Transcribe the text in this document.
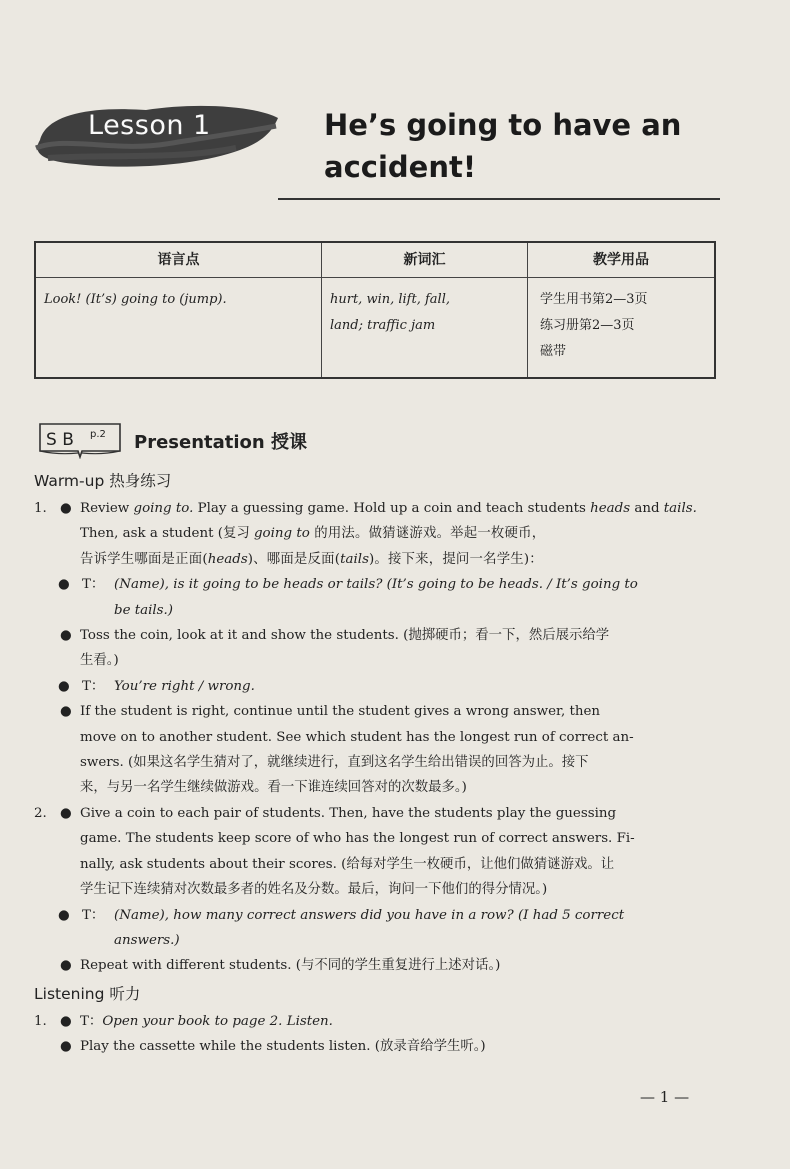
Lesson 1	He’s going to have an
accident!
语言点
Look! (It’s) going to (jump).
新词汇
hurt, win, lift, fall,
land; traffic jam
教学用品
学生用书第2—3页
练习册第2—3页
磁带
S B p.2 Presentation 授课
Warm-up 热身练习
1. ● Review going to. Play a guessing game. Hold up a coin and teach students heads and tails. Then, ask a student (复习 going to 的用法。做猜谜游戏。举起一枚硬币，
告诉学生哪面是正面(heads)、哪面是反面(tails)。接下来，提问一名学生)：
● T： (Name), is it going to be heads or tails? (It’s going to be heads. / It’s going to
be tails.)
● Toss the coin, look at it and show the students. (抛掷硬币；看一下，然后展示给学
生看。)
● T： You’re right / wrong.
● If the student is right, continue until the student gives a wrong answer, then
move on to another student. See which student has the longest run of correct an-
swers. (如果这名学生猜对了，就继续进行，直到这名学生给出错误的回答为止。接下
来，与另一名学生继续做游戏。看一下谁连续回答对的次数最多。)
2. ● Give a coin to each pair of students. Then, have the students play the guessing
game. The students keep score of who has the longest run of correct answers. Fi-
nally, ask students about their scores. (给每对学生一枚硬币，让他们做猜谜游戏。让
学生记下连续猜对次数最多者的姓名及分数。最后，询问一下他们的得分情况。)
● T： (Name), how many correct answers did you have in a row? (I had 5 correct
answers.)
● Repeat with different students. (与不同的学生重复进行上述对话。)
Listening 听力
1. ● T：Open your book to page 2. Listen.
● Play the cassette while the students listen. (放录音给学生听。)
— 1 —
